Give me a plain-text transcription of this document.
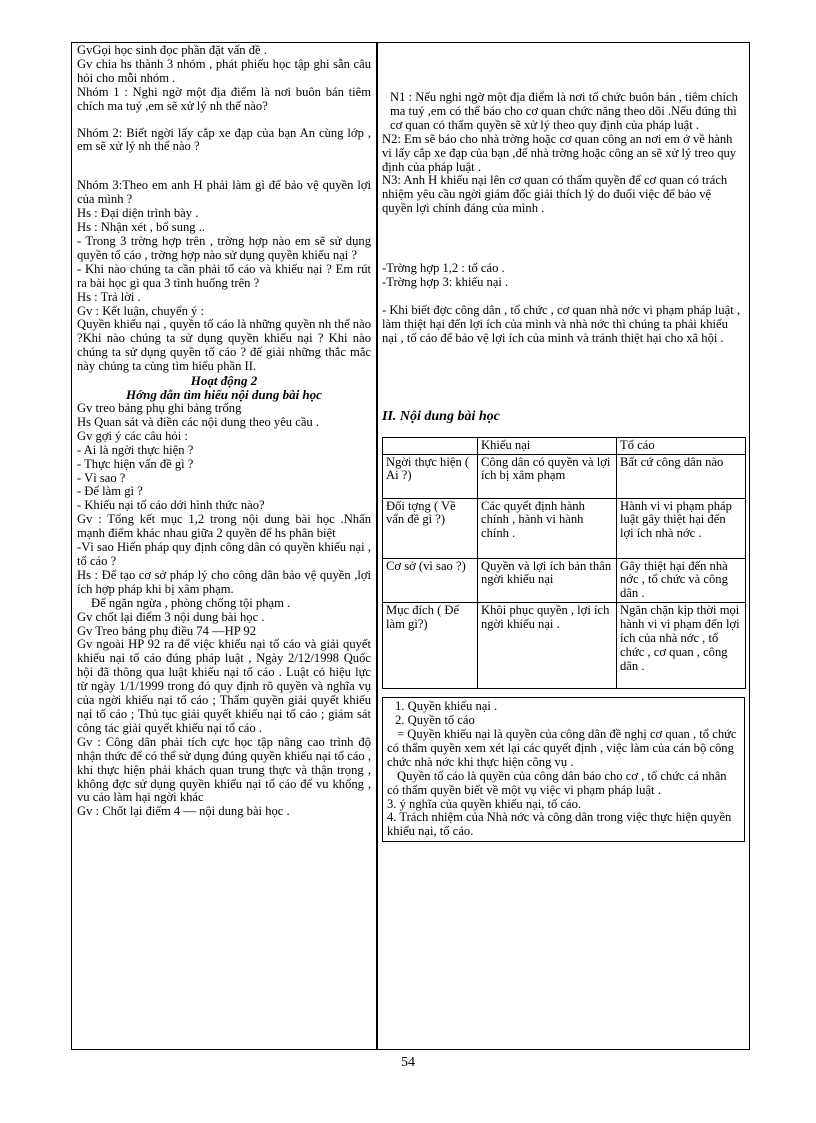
GvGọi học sinh đọc phần đặt vấn đề .

Gv chia hs thành 3 nhóm , phát phiếu học tập ghi sẵn câu hỏi cho mỗi nhóm .

Nhóm 1 : Nghi ngờ một địa điểm là nơi buôn bán tiêm chích ma tuý ,em sẽ xử lý nh thế nào?

Nhóm 2: Biết ngời lấy cắp xe đạp của bạn An cùng lớp , em sẽ xử lý nh thế nào ?

Nhóm 3:Theo em anh H phải làm gì để bảo vệ quyền lợi của mình ?

Hs : Đại diện trình bày .

Hs : Nhận xét , bổ sung ..

- Trong 3 trờng hợp trên , trờng hợp nào em sẽ sử dụng quyền tố cáo , trờng hợp nào sử dụng quyền khiếu nại ?

- Khi nào chúng ta cần phải tố cáo và khiếu nại ? Em rút ra bài học gì qua 3 tình huống trên ?

Hs : Trả lời .

Gv : Kết luận, chuyển ý :

Quyền khiếu nại , quyền tố cáo là những quyền nh thế nào ?Khi nào chúng ta sử dụng quyền khiếu nại ? Khi nào chúng ta sử dụng quyền tố cáo ? để giải những thắc mắc này chúng ta cùng tìm hiểu phần II.

Hoạt động 2

Hớng dẫn tìm hiểu nội dung bài học

Gv treo bảng phụ ghi bảng trống

Hs Quan sát và điền các nội dung theo yêu cầu .

Gv gợi ý các câu hỏi :

- Ai là ngời thực hiện ?

- Thực hiện vấn đề gì ?

- Vì sao ?

- Để làm gì ?

- Khiếu nại tố cáo dới hình thức nào?

Gv : Tổng kết mục 1,2 trong nội dung bài học .Nhấn mạnh điểm khác nhau giữa 2 quyền để hs phân biệt

-Vì sao Hiến pháp quy định công dân có quyền khiếu nại , tố cáo ?

Hs : Để tạo cơ sở pháp lý cho công dân bảo vệ quyền ,lợi ích hợp pháp khi bị xâm phạm.

Để ngăn ngừa , phòng chống tội phạm .

Gv chốt lại điểm 3 nội dung bài học .

Gv Treo bảng phụ điều 74 —HP 92

Gv ngoài HP 92 ra để việc khiếu nại tố cáo và giải quyết khiếu nại tố cáo đúng pháp luật , Ngày 2/12/1998 Quốc hội đã thông qua luật khiếu nại tố cáo . Luật có hiệu lực từ ngày 1/1/1999 trong đó quy định rõ quyền và nghĩa vụ của ngời khiếu nại tố cáo ; Thẩm quyền giải quyết khiếu nại tố cáo ; Thủ tục giải quyết khiếu nại tố cáo ; giám sát công tác giải quyết khiếu nại tố cáo .

Gv : Công dân phải tích cực học tập nâng cao trình độ nhận thức để có thể sử dụng đúng quyền khiếu nại tố cáo , khi thực hiện phải khách quan trung thực và thận trọng , không đợc sử dụng quyền khiếu nại tố cáo để vu khống , vu cáo làm hại ngời khác

Gv : Chốt lại điểm 4 — nội dung bài học .

N1 : Nếu nghi ngờ một địa điểm là nơi tổ chức buôn bán , tiêm chích ma tuý ,em có thể báo cho cơ quan chức năng theo dõi .Nếu đúng thì cơ quan có thẩm quyền sẽ xử lý theo quy định của pháp luật .

N2: Em sẽ báo cho nhà trờng hoặc cơ quan công an nơi em ở về hành vi lấy cắp xe đạp của bạn ,để nhà trờng hoặc công an sẽ xử lý treo quy định của pháp luật .

N3: Anh H khiếu nại lên cơ quan có thẩm quyền để cơ quan có trách nhiệm yêu cầu ngời giám đốc giải thích lý do đuổi việc để bảo vệ quyền lợi chính đáng của mình .

-Trờng hợp 1,2 : tố cáo .

-Trờng hợp 3: khiếu nại .

- Khi biết đợc công dân , tổ chức , cơ quan nhà nớc vi phạm pháp luật , làm thiệt hại đến lợi ích của mình và nhà nớc thì chúng ta phải khiếu nại , tố cáo để bảo vệ lợi ích của mình và tránh thiệt hại cho xã hội .

II. Nội dung bài học

	Khiếu nại	Tố cáo
Ngời thực hiện ( Ai ?)	Công dân có quyền và lợi ích bị xâm phạm	Bất cứ công dân nào
Đối tợng ( Về vấn đề gì ?)	Các quyết định hành chính , hành vi hành chính .	Hành vi vi phạm pháp luật gây thiệt hại đến lợi ích nhà nớc .
Cơ sở (vì sao ?)	Quyền và lợi ích bản thân ngời khiếu nại	Gây thiệt hại đến nhà nớc , tổ chức và công dân .
Mục đích ( Để làm gì?)	Khôi phục quyền , lợi ích ngời khiếu nại .	Ngăn chặn kịp thời mọi hành vi vi phạm đến lợi ích của nhà nớc , tổ chức , cơ quan , công dân .

1. Quyền khiếu nại .

2. Quyền tố cáo

= Quyền khiếu nại là quyền của công dân đề nghị cơ quan , tổ chức có thẩm quyền xem xét lại các quyết định , việc làm của cán bộ công chức nhà nớc khi thực hiện công vụ .

Quyền tố cáo là quyền của công dân báo cho cơ , tổ chức cá nhân có thẩm quyền biết về một vụ việc vi phạm pháp luật .

3. ý nghĩa của quyền khiếu nại, tố cáo.

4. Trách nhiệm của Nhà nớc và công dân trong việc thực hiện quyền khiếu nại, tố cáo.

54
